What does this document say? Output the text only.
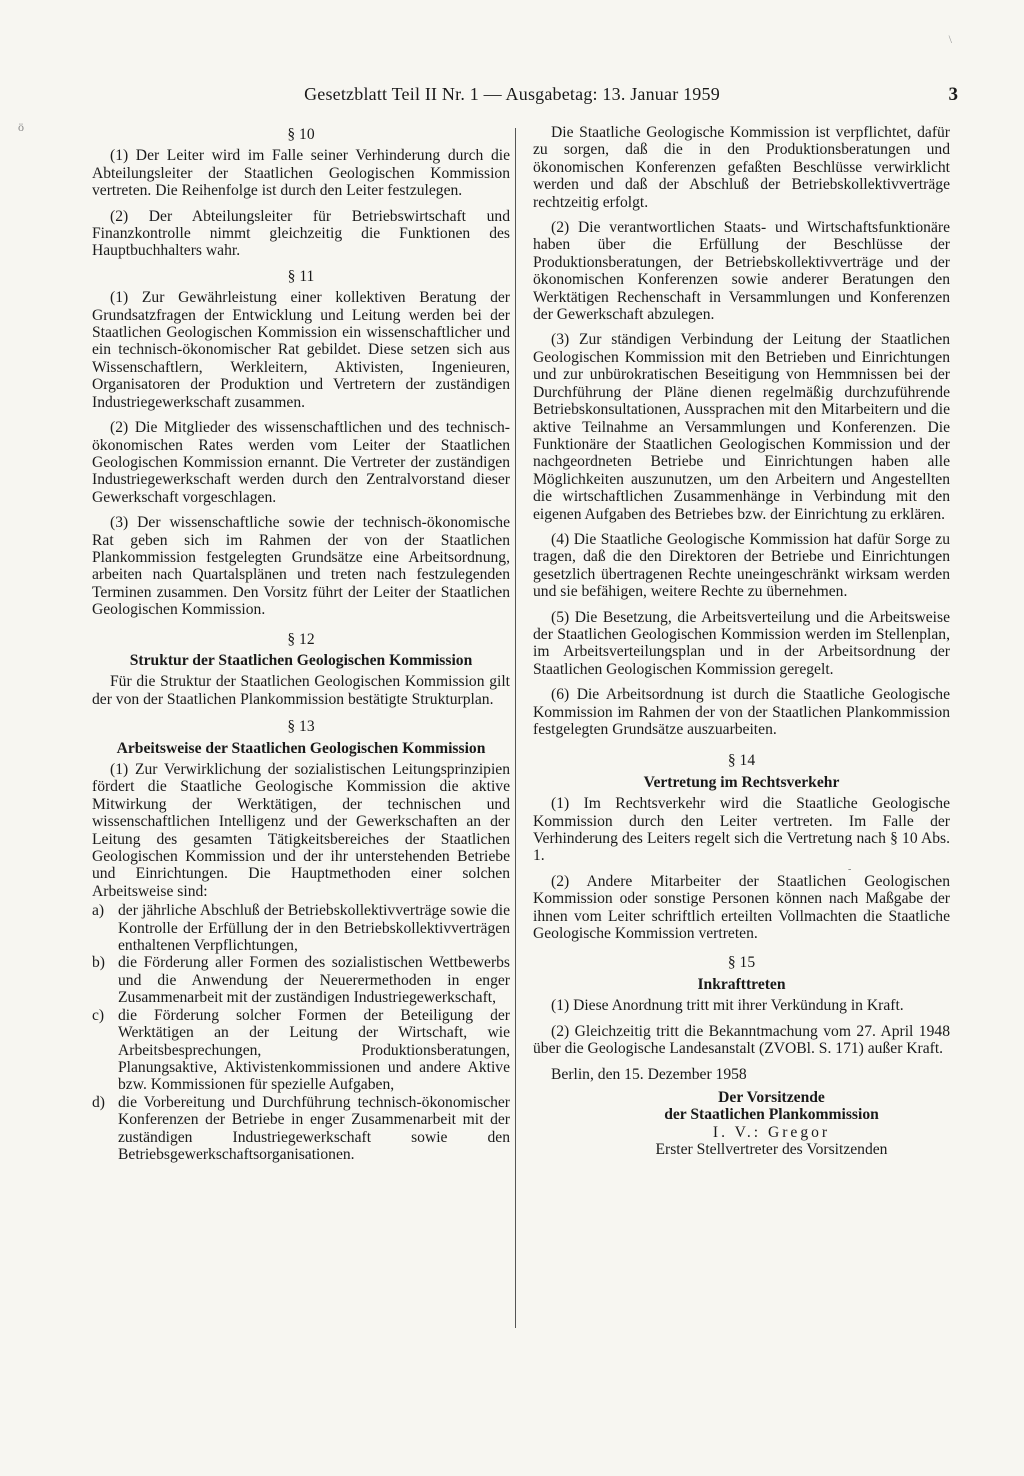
ö
\
-
Gesetzblatt Teil II Nr. 1 — Ausgabetag: 13. Januar 1959	3
§ 10

(1) Der Leiter wird im Falle seiner Verhinderung durch die Abteilungsleiter der Staatlichen Geologischen Kommission vertreten. Die Reihenfolge ist durch den Leiter festzulegen.

(2) Der Abteilungsleiter für Betriebswirtschaft und Finanzkontrolle nimmt gleichzeitig die Funktionen des Hauptbuchhalters wahr.

§ 11

(1) Zur Gewährleistung einer kollektiven Beratung der Grundsatzfragen der Entwicklung und Leitung werden bei der Staatlichen Geologischen Kommission ein wissenschaftlicher und ein technisch-ökonomischer Rat gebildet. Diese setzen sich aus Wissenschaftlern, Werkleitern, Aktivisten, Ingenieuren, Organisatoren der Produktion und Vertretern der zuständigen Industriegewerkschaft zusammen.

(2) Die Mitglieder des wissenschaftlichen und des technisch-ökonomischen Rates werden vom Leiter der Staatlichen Geologischen Kommission ernannt. Die Vertreter der zuständigen Industriegewerkschaft werden durch den Zentralvorstand dieser Gewerkschaft vorgeschlagen.

(3) Der wissenschaftliche sowie der technisch-ökonomische Rat geben sich im Rahmen der von der Staatlichen Plankommission festgelegten Grundsätze eine Arbeitsordnung, arbeiten nach Quartalsplänen und treten nach festzulegenden Terminen zusammen. Den Vorsitz führt der Leiter der Staatlichen Geologischen Kommission.

§ 12
Struktur der Staatlichen Geologischen Kommission

Für die Struktur der Staatlichen Geologischen Kommission gilt der von der Staatlichen Plankommission bestätigte Strukturplan.

§ 13
Arbeitsweise der Staatlichen Geologischen Kommission

(1) Zur Verwirklichung der sozialistischen Leitungsprinzipien fördert die Staatliche Geologische Kommission die aktive Mitwirkung der Werktätigen, der technischen und wissenschaftlichen Intelligenz und der Gewerkschaften an der Leitung des gesamten Tätigkeitsbereiches der Staatlichen Geologischen Kommission und der ihr unterstehenden Betriebe und Einrichtungen. Die Hauptmethoden einer solchen Arbeitsweise sind:

a) der jährliche Abschluß der Betriebskollektivverträge sowie die Kontrolle der Erfüllung der in den Betriebskollektivverträgen enthaltenen Verpflichtungen,
b) die Förderung aller Formen des sozialistischen Wettbewerbs und die Anwendung der Neuerermethoden in enger Zusammenarbeit mit der zuständigen Industriegewerkschaft,
c) die Förderung solcher Formen der Beteiligung der Werktätigen an der Leitung der Wirtschaft, wie Arbeitsbesprechungen, Produktionsberatungen, Planungsaktive, Aktivistenkommissionen und andere Aktive bzw. Kommissionen für spezielle Aufgaben,
d) die Vorbereitung und Durchführung technisch-ökonomischer Konferenzen der Betriebe in enger Zusammenarbeit mit der zuständigen Industriegewerkschaft sowie den Betriebsgewerkschaftsorganisationen.

Die Staatliche Geologische Kommission ist verpflichtet, dafür zu sorgen, daß die in den Produktionsberatungen und ökonomischen Konferenzen gefaßten Beschlüsse verwirklicht werden und daß der Abschluß der Betriebskollektivverträge rechtzeitig erfolgt.

(2) Die verantwortlichen Staats- und Wirtschaftsfunktionäre haben über die Erfüllung der Beschlüsse der Produktionsberatungen, der Betriebskollektivverträge und der ökonomischen Konferenzen sowie anderer Beratungen den Werktätigen Rechenschaft in Versammlungen und Konferenzen der Gewerkschaft abzulegen.

(3) Zur ständigen Verbindung der Leitung der Staatlichen Geologischen Kommission mit den Betrieben und Einrichtungen und zur unbürokratischen Beseitigung von Hemmnissen bei der Durchführung der Pläne dienen regelmäßig durchzuführende Betriebskonsultationen, Aussprachen mit den Mitarbeitern und die aktive Teilnahme an Versammlungen und Konferenzen. Die Funktionäre der Staatlichen Geologischen Kommission und der nachgeordneten Betriebe und Einrichtungen haben alle Möglichkeiten auszunutzen, um den Arbeitern und Angestellten die wirtschaftlichen Zusammenhänge in Verbindung mit den eigenen Aufgaben des Betriebes bzw. der Einrichtung zu erklären.

(4) Die Staatliche Geologische Kommission hat dafür Sorge zu tragen, daß die den Direktoren der Betriebe und Einrichtungen gesetzlich übertragenen Rechte uneingeschränkt wirksam werden und sie befähigen, weitere Rechte zu übernehmen.

(5) Die Besetzung, die Arbeitsverteilung und die Arbeitsweise der Staatlichen Geologischen Kommission werden im Stellenplan, im Arbeitsverteilungsplan und in der Arbeitsordnung der Staatlichen Geologischen Kommission geregelt.

(6) Die Arbeitsordnung ist durch die Staatliche Geologische Kommission im Rahmen der von der Staatlichen Plankommission festgelegten Grundsätze auszuarbeiten.

§ 14
Vertretung im Rechtsverkehr

(1) Im Rechtsverkehr wird die Staatliche Geologische Kommission durch den Leiter vertreten. Im Falle der Verhinderung des Leiters regelt sich die Vertretung nach § 10 Abs. 1.

(2) Andere Mitarbeiter der Staatlichen Geologischen Kommission oder sonstige Personen können nach Maßgabe der ihnen vom Leiter schriftlich erteilten Vollmachten die Staatliche Geologische Kommission vertreten.

§ 15
Inkrafttreten

(1) Diese Anordnung tritt mit ihrer Verkündung in Kraft.

(2) Gleichzeitig tritt die Bekanntmachung vom 27. April 1948 über die Geologische Landesanstalt (ZVOBl. S. 171) außer Kraft.

Berlin, den 15. Dezember 1958
Der Vorsitzende
der Staatlichen Plankommission
I. V.: Gregor
Erster Stellvertreter des Vorsitzenden
